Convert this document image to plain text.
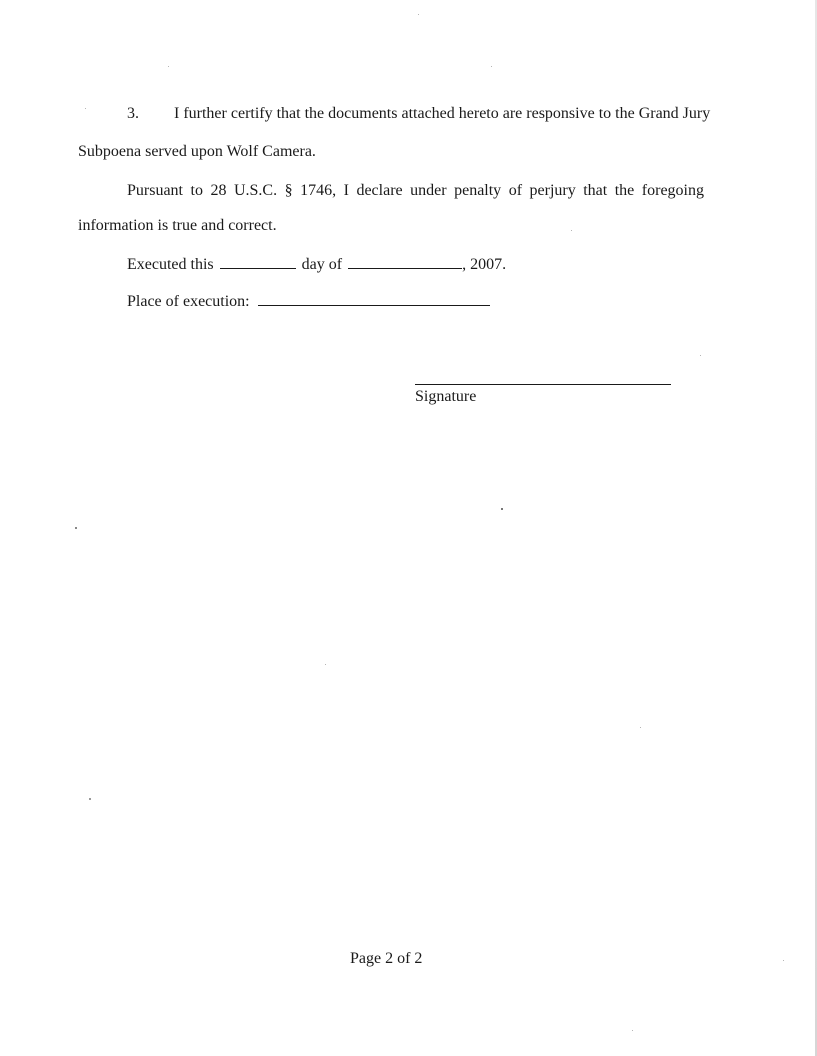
3. I further certify that the documents attached hereto are responsive to the Grand Jury
Subpoena served upon Wolf Camera.
Pursuant to 28 U.S.C. § 1746, I declare under penalty of perjury that the foregoing
information is true and correct.
Executed this	day of	, 2007.
Place of execution:
Signature
Page 2 of 2
